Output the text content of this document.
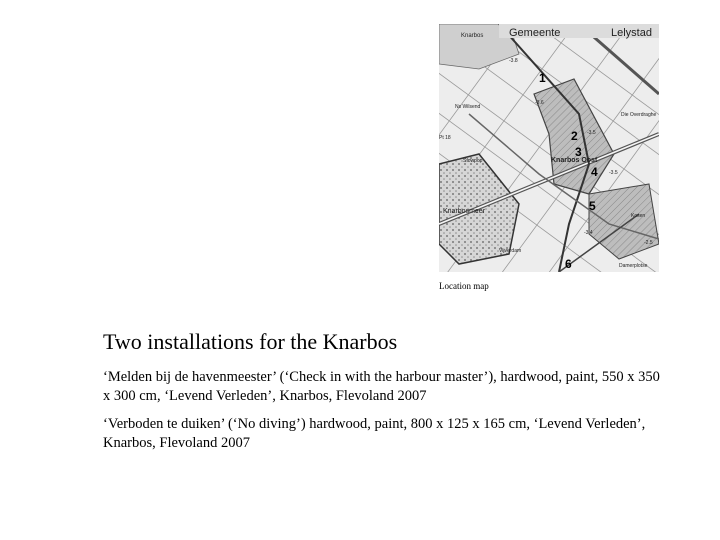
Gemeente	Lelystad
Knarbos
Ns Wilsend
Die Overdraghe
Knarbos Oost
Sfowpop
Pt 18
Knarbosmeer
Kosen
Vijverdam
Damerplotse
-3.8
-3.6
-3.5
-3.5
-2.5
-3.4
1
2
3
4
5
6
Location map
Two installations for the Knarbos

‘Melden bij de havenmeester’ (‘Check in with the harbour master’), hardwood, paint, 550 x 350 x 300 cm, ‘Levend Verleden’, Knarbos, Flevoland 2007

‘Verboden te duiken’ (‘No diving’) hardwood, paint, 800 x 125 x 165 cm, ‘Levend Verleden’, Knarbos, Flevoland 2007
